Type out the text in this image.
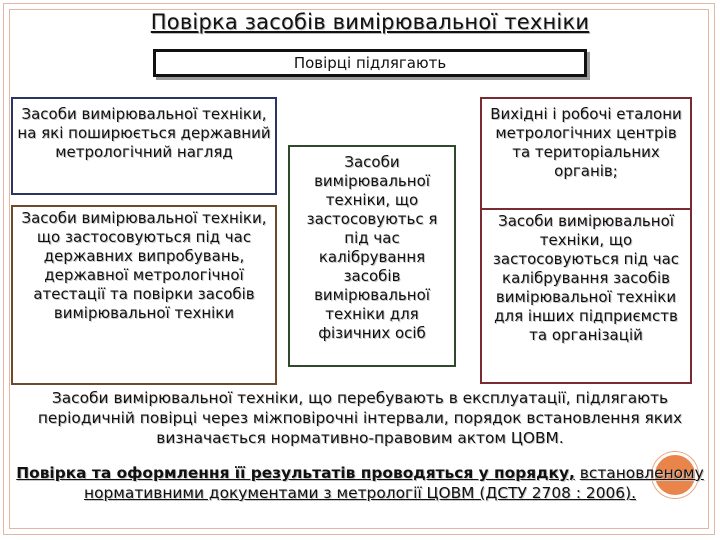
Повірка засобів вимірювальної техніки
Повірці підлягають
Засоби вимірювальної техніки, на які поширюється державний метрологічний нагляд
Засоби вимірювальної техніки, що застосовуються під час державних випробувань, державної метрологічної атестації та повірки засобів вимірювальної техніки
Засоби вимірювальної техніки, що застосовуютьс я під час калібрування засобів вимірювальної техніки для фізичних осіб
Вихідні і робочі еталони метрологічних центрів та територіальних органів;
Засоби вимірювальної техніки, що застосовуються під час калібрування засобів вимірювальної техніки для інших підприємств та організацій
Засоби вимірювальної техніки, що перебувають в експлуатації, підлягають періодичній повірці через міжповірочні інтервали, порядок встановлення яких визначається нормативно-правовим актом ЦОВМ.
Повірка та оформлення її результатів проводяться у порядку, встановленому нормативними документами з метрології ЦОВМ (ДСТУ 2708 : 2006).
